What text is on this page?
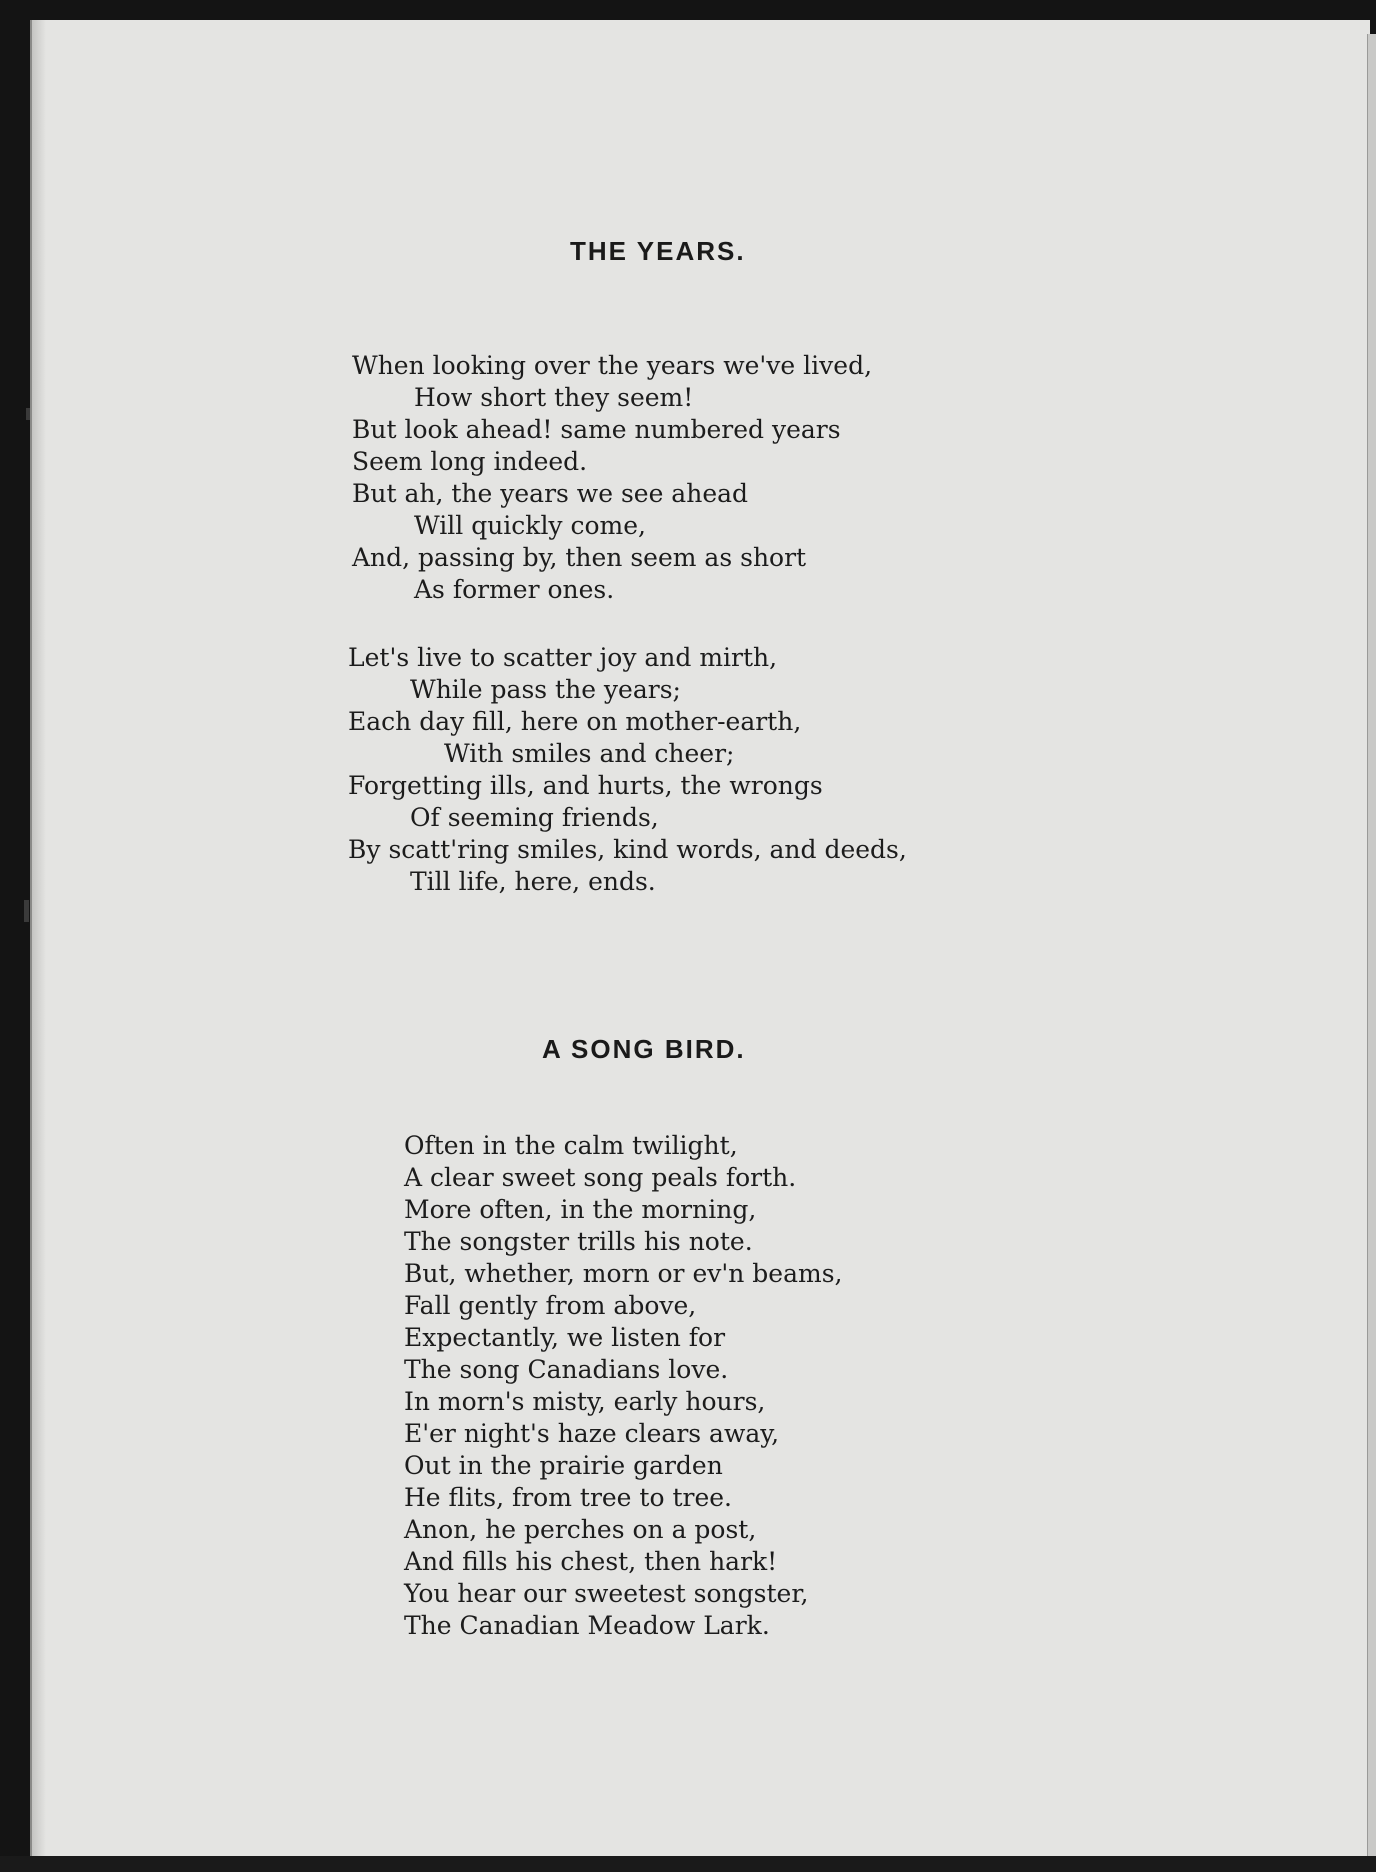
THE YEARS.
When looking over the years we've lived,
How short they seem!
But look ahead! same numbered years
Seem long indeed.
But ah, the years we see ahead
Will quickly come,
And, passing by, then seem as short
As former ones.
Let's live to scatter joy and mirth,
While pass the years;
Each day fill, here on mother-earth,
With smiles and cheer;
Forgetting ills, and hurts, the wrongs
Of seeming friends,
By scatt'ring smiles, kind words, and deeds,
Till life, here, ends.
A SONG BIRD.
Often in the calm twilight,
A clear sweet song peals forth.
More often, in the morning,
The songster trills his note.
But, whether, morn or ev'n beams,
Fall gently from above,
Expectantly, we listen for
The song Canadians love.
In morn's misty, early hours,
E'er night's haze clears away,
Out in the prairie garden
He flits, from tree to tree.
Anon, he perches on a post,
And fills his chest, then hark!
You hear our sweetest songster,
The Canadian Meadow Lark.
